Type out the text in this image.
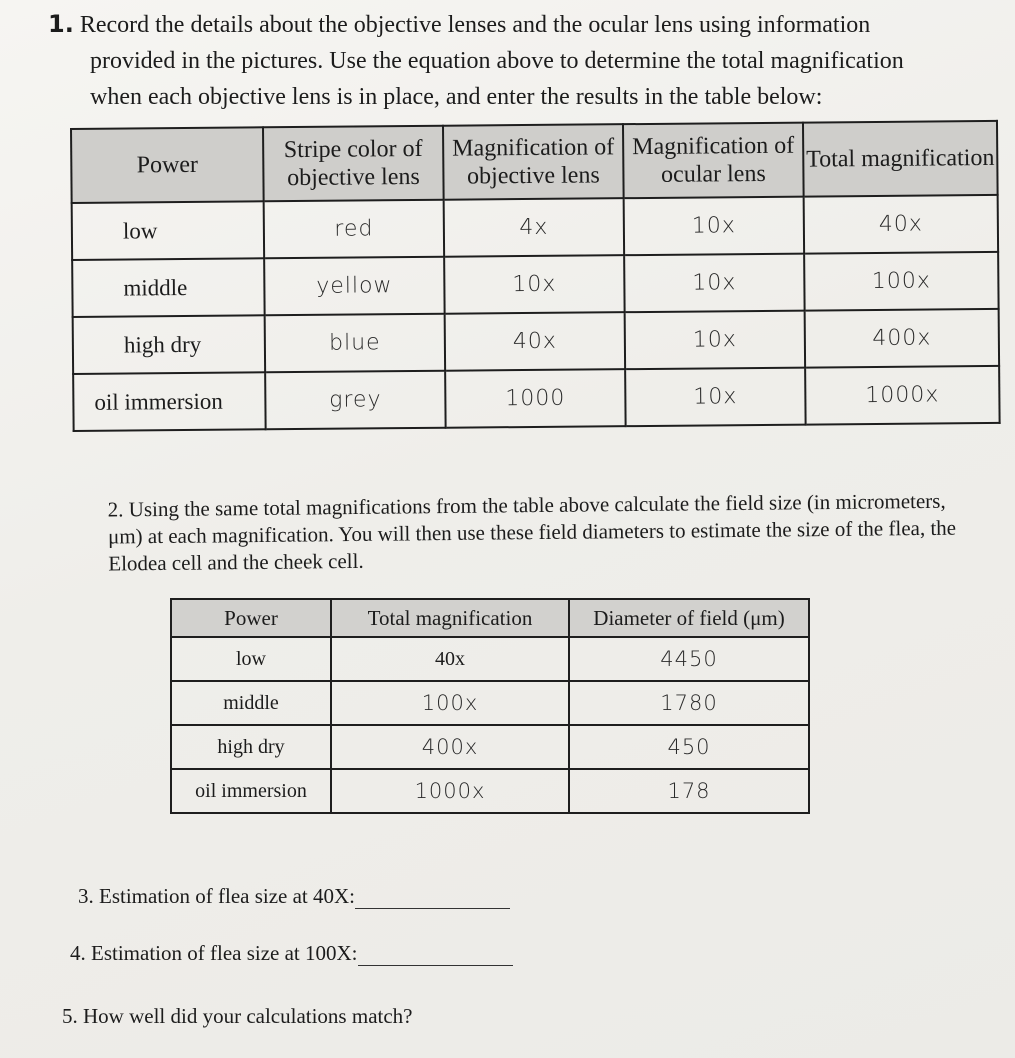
1. Record the details about the objective lenses and the ocular lens using information
provided in the pictures. Use the equation above to determine the total magnification
when each objective lens is in place, and enter the results in the table below:
Power	Stripe color of objective lens	Magnification of objective lens	Magnification of ocular lens	Total magnification
low	red	4x	10x	40x
middle	yellow	10x	10x	100x
high dry	blue	40x	10x	400x
oil immersion	grey	1000	10x	1000x
2. Using the same total magnifications from the table above calculate the field size (in micrometers, μm) at each magnification. You will then use these field diameters to estimate the size of the flea, the Elodea cell and the cheek cell.
Power	Total magnification	Diameter of field (μm)
low	40x	4450
middle	100x	1780
high dry	400x	450
oil immersion	1000x	178
3. Estimation of flea size at 40X:
4. Estimation of flea size at 100X:
5. How well did your calculations match?
